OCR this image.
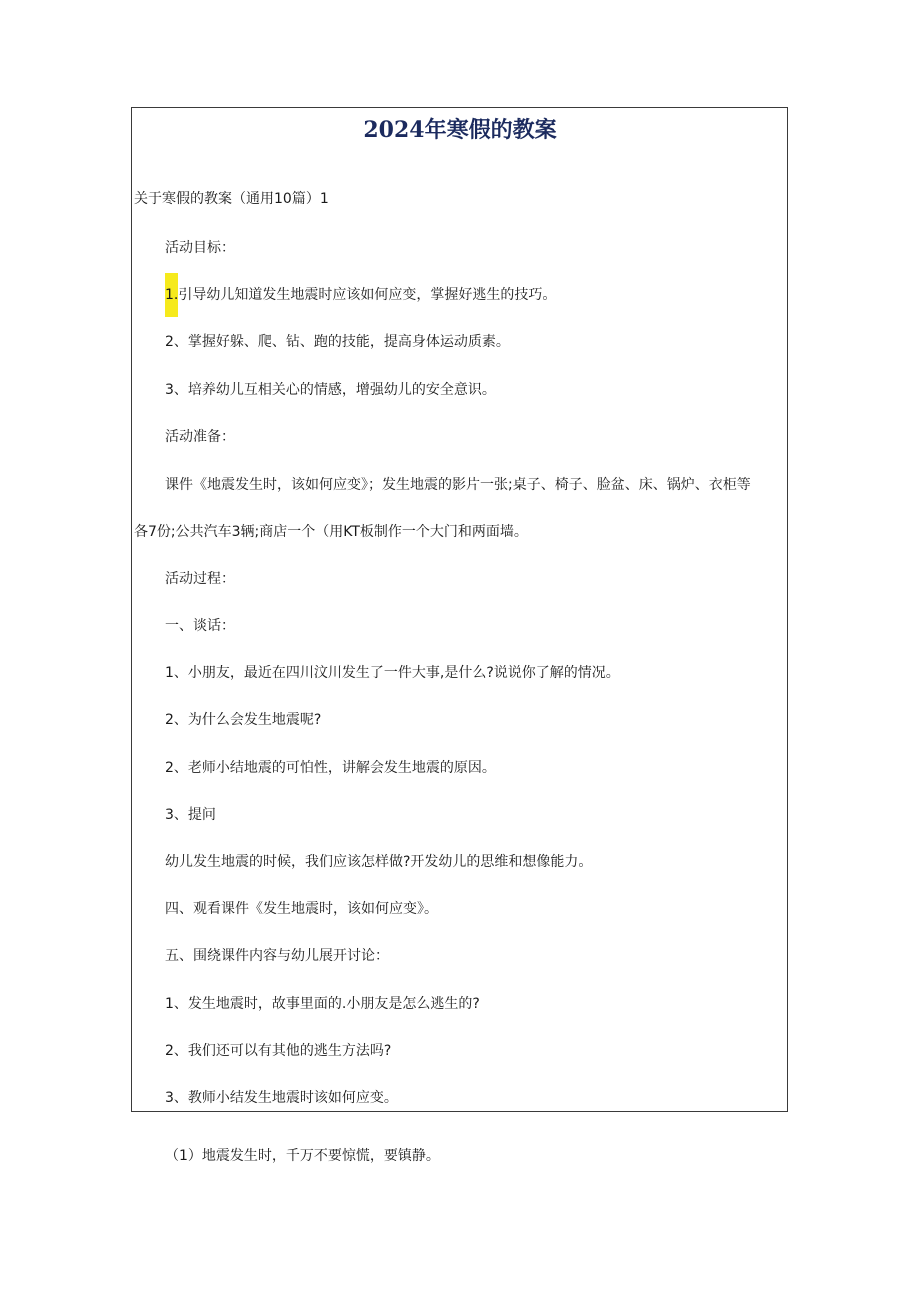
2024年寒假的教案
关于寒假的教案（通用10篇）1
活动目标：
1.引导幼儿知道发生地震时应该如何应变，掌握好逃生的技巧。
2、掌握好躲、爬、钻、跑的技能，提高身体运动质素。
3、培养幼儿互相关心的情感，增强幼儿的安全意识。
活动准备：
课件《地震发生时，该如何应变》；发生地震的影片一张;桌子、椅子、脸盆、床、锅炉、衣柜等
各7份;公共汽车3辆;商店一个（用KT板制作一个大门和两面墙。
活动过程：
一、谈话：
1、小朋友，最近在四川汶川发生了一件大事,是什么?说说你了解的情况。
2、为什么会发生地震呢?
2、老师小结地震的可怕性，讲解会发生地震的原因。
3、提问
幼儿发生地震的时候，我们应该怎样做?开发幼儿的思维和想像能力。
四、观看课件《发生地震时，该如何应变》。
五、围绕课件内容与幼儿展开讨论：
1、发生地震时，故事里面的.小朋友是怎么逃生的?
2、我们还可以有其他的逃生方法吗?
3、教师小结发生地震时该如何应变。
（1）地震发生时，千万不要惊慌，要镇静。
